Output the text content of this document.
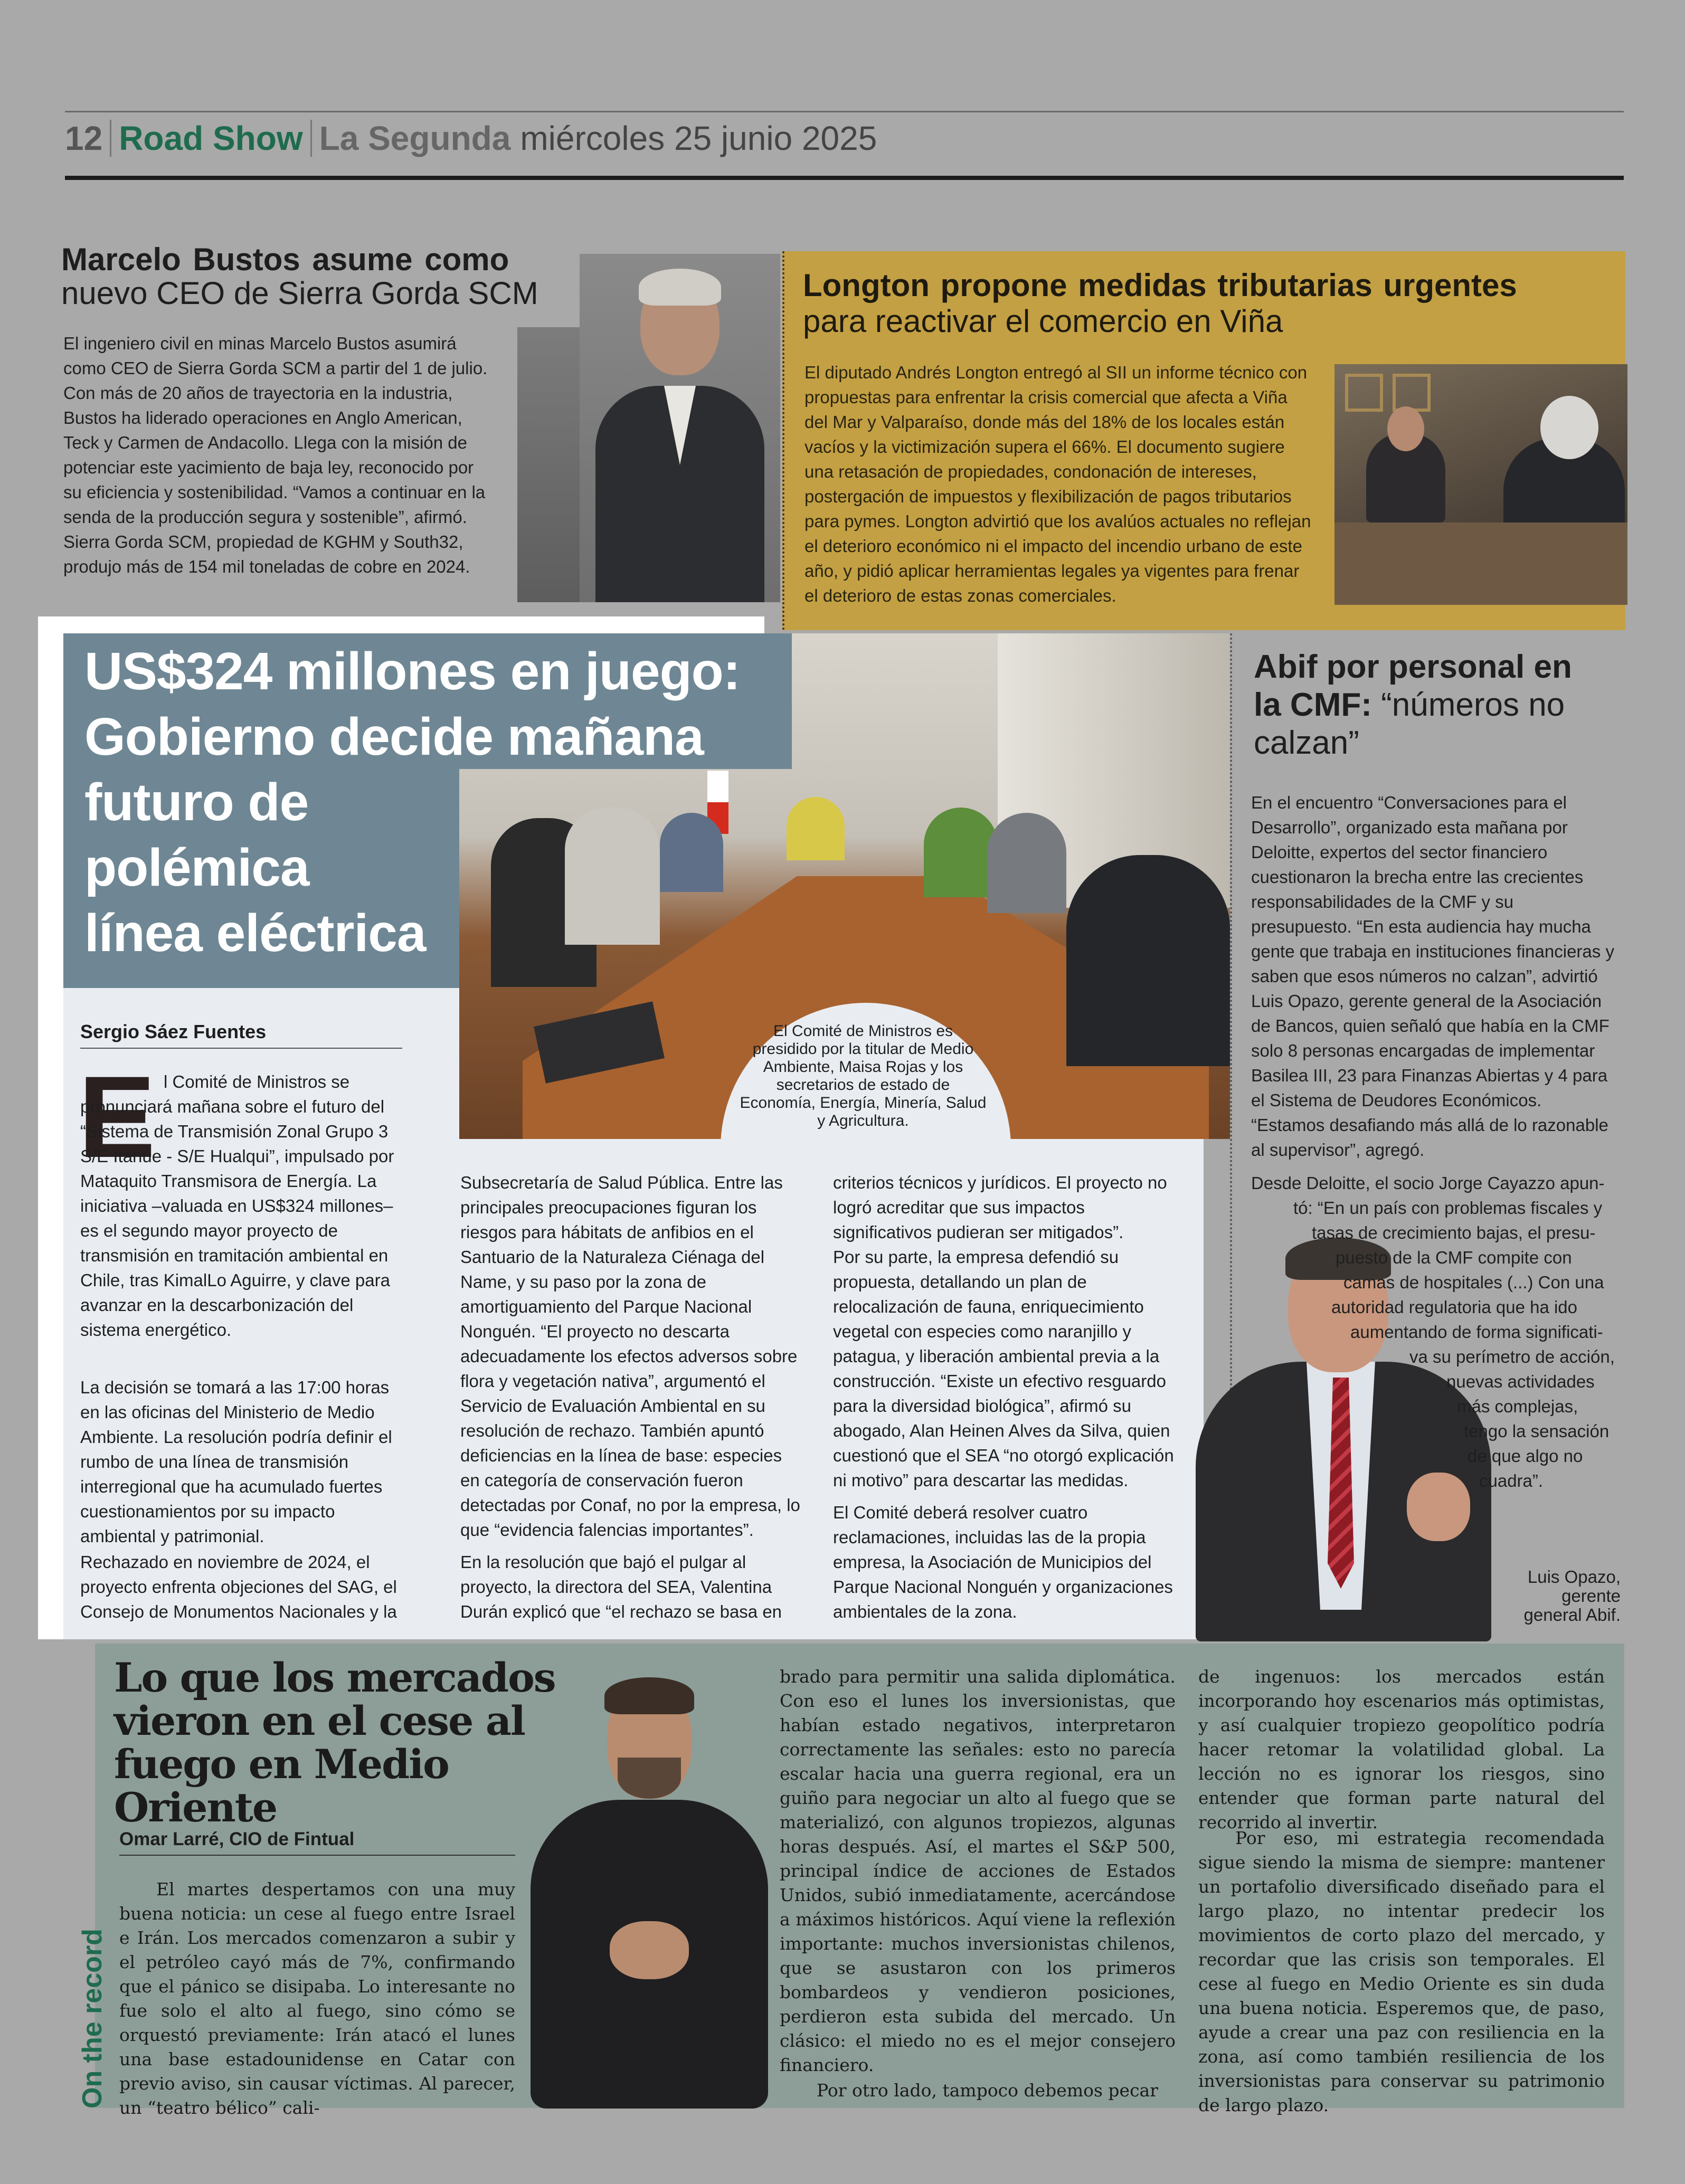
12 Road Show La Segunda miércoles 25 junio 2025
Marcelo Bustos asume como
nuevo CEO de Sierra Gorda SCM
El ingeniero civil en minas Marcelo Bustos asumirá como CEO de Sierra Gorda SCM a partir del 1 de julio. Con más de 20 años de trayectoria en la industria, Bustos ha liderado operaciones en Anglo American, Teck y Carmen de Andacollo. Llega con la misión de potenciar este yacimiento de baja ley, reconocido por su eficiencia y sostenibilidad. “Vamos a continuar en la senda de la producción segura y sostenible”, afirmó. Sierra Gorda SCM, propiedad de KGHM y South32, produjo más de 154 mil toneladas de cobre en 2024.
Longton propone medidas tributarias urgentes
para reactivar el comercio en Viña
El diputado Andrés Longton entregó al SII un informe técnico con propuestas para enfrentar la crisis comercial que afecta a Viña del Mar y Valparaíso, donde más del 18% de los locales están vacíos y la victimización supera el 66%. El documento sugiere una retasación de propiedades, condonación de intereses, postergación de impuestos y flexibilización de pagos tributarios para pymes. Longton advirtió que los avalúos actuales no reflejan el deterioro económico ni el impacto del incendio urbano de este año, y pidió aplicar herramientas legales ya vigentes para frenar el deterioro de estas zonas comerciales.
US$324 millones en juego:
Gobierno decide mañana
futuro de
polémica
línea eléctrica
El Comité de Ministros es presidido por la titular de Medio Ambiente, Maisa Rojas y los secretarios de estado de Economía, Energía, Minería, Salud y Agricultura.
Sergio Sáez Fuentes
E l Comité de Ministros se pronunciará mañana sobre el futuro del “Sistema de Transmisión Zonal Grupo 3 S/E Itahue - S/E Hualqui”, impulsado por Mataquito Transmisora de Energía. La iniciativa –valuada en US$324 millones– es el segundo mayor proyecto de transmisión en tramitación ambiental en Chile, tras KimalLo Aguirre, y clave para avanzar en la descarbonización del sistema energético.
La decisión se tomará a las 17:00 horas en las oficinas del Ministerio de Medio Ambiente. La resolución podría definir el rumbo de una línea de transmisión interregional que ha acumulado fuertes cuestionamientos por su impacto ambiental y patrimonial.
Rechazado en noviembre de 2024, el proyecto enfrenta objeciones del SAG, el Consejo de Monumentos Nacionales y la
Subsecretaría de Salud Pública. Entre las principales preocupaciones figuran los riesgos para hábitats de anfibios en el Santuario de la Naturaleza Ciénaga del Name, y su paso por la zona de amortiguamiento del Parque Nacional Nonguén. “El proyecto no descarta adecuadamente los efectos adversos sobre flora y vegetación nativa”, argumentó el Servicio de Evaluación Ambiental en su resolución de rechazo. También apuntó deficiencias en la línea de base: especies en categoría de conservación fueron detectadas por Conaf, no por la empresa, lo que “evidencia falencias importantes”.
En la resolución que bajó el pulgar al proyecto, la directora del SEA, Valentina Durán explicó que “el rechazo se basa en
criterios técnicos y jurídicos. El proyecto no logró acreditar que sus impactos significativos pudieran ser mitigados”.
Por su parte, la empresa defendió su propuesta, detallando un plan de relocalización de fauna, enriquecimiento vegetal con especies como naranjillo y patagua, y liberación ambiental previa a la construcción. “Existe un efectivo resguardo para la diversidad biológica”, afirmó su abogado, Alan Heinen Alves da Silva, quien cuestionó que el SEA “no otorgó explicación ni motivo” para descartar las medidas.
El Comité deberá resolver cuatro reclamaciones, incluidas las de la propia empresa, la Asociación de Municipios del Parque Nacional Nonguén y organizaciones ambientales de la zona.
Abif por personal en la CMF: “números no calzan”
En el encuentro “Conversaciones para el Desarrollo”, organizado esta mañana por Deloitte, expertos del sector financiero cuestionaron la brecha entre las crecientes responsabilidades de la CMF y su presupuesto. “En esta audiencia hay mucha gente que trabaja en instituciones financieras y saben que esos números no calzan”, advirtió Luis Opazo, gerente general de la Asociación de Bancos, quien señaló que había en la CMF solo 8 personas encargadas de implementar Basilea III, 23 para Finanzas Abiertas y 4 para el Sistema de Deudores Económicos. “Estamos desafiando más allá de lo razonable al supervisor”, agregó.
Desde Deloitte, el socio Jorge Cayazzo apun-
tó: “En un país con problemas fiscales y
tasas de crecimiento bajas, el presu-
puesto de la CMF compite con
camas de hospitales (...) Con una
autoridad regulatoria que ha ido
aumentando de forma significati-
va su perímetro de acción,
nuevas actividades
más complejas,
tengo la sensación
de que algo no
cuadra”.
Luis Opazo,
gerente
general Abif.
On the record
Lo que los mercados vieron en el cese al fuego en Medio Oriente
Omar Larré, CIO de Fintual
El martes despertamos con una muy buena noticia: un cese al fuego entre Israel e Irán. Los mercados comenzaron a subir y el petróleo cayó más de 7%, confirmando que el pánico se disipaba. Lo interesante no fue solo el alto al fuego, sino cómo se orquestó previamente: Irán atacó el lunes una base estadounidense en Catar con previo aviso, sin causar víctimas. Al parecer, un “teatro bélico” cali-
brado para permitir una salida diplomática. Con eso el lunes los inversionistas, que habían estado negativos, interpretaron correctamente las señales: esto no parecía escalar hacia una guerra regional, era un guiño para negociar un alto al fuego que se materializó, con algunos tropiezos, algunas horas después. Así, el martes el S&P 500, principal índice de acciones de Estados Unidos, subió inmediatamente, acercándose a máximos históricos. Aquí viene la reflexión importante: muchos inversionistas chilenos, que se asustaron con los primeros bombardeos y vendieron posiciones, perdieron esta subida del mercado. Un clásico: el miedo no es el mejor consejero financiero.
Por otro lado, tampoco debemos pecar
de ingenuos: los mercados están incorporando hoy escenarios más optimistas, y así cualquier tropiezo geopolítico podría hacer retomar la volatilidad global. La lección no es ignorar los riesgos, sino entender que forman parte natural del recorrido al invertir.
Por eso, mi estrategia recomendada sigue siendo la misma de siempre: mantener un portafolio diversificado diseñado para el largo plazo, no intentar predecir los movimientos de corto plazo del mercado, y recordar que las crisis son temporales. El cese al fuego en Medio Oriente es sin duda una buena noticia. Esperemos que, de paso, ayude a crear una paz con resiliencia en la zona, así como también resiliencia de los inversionistas para conservar su patrimonio de largo plazo.
